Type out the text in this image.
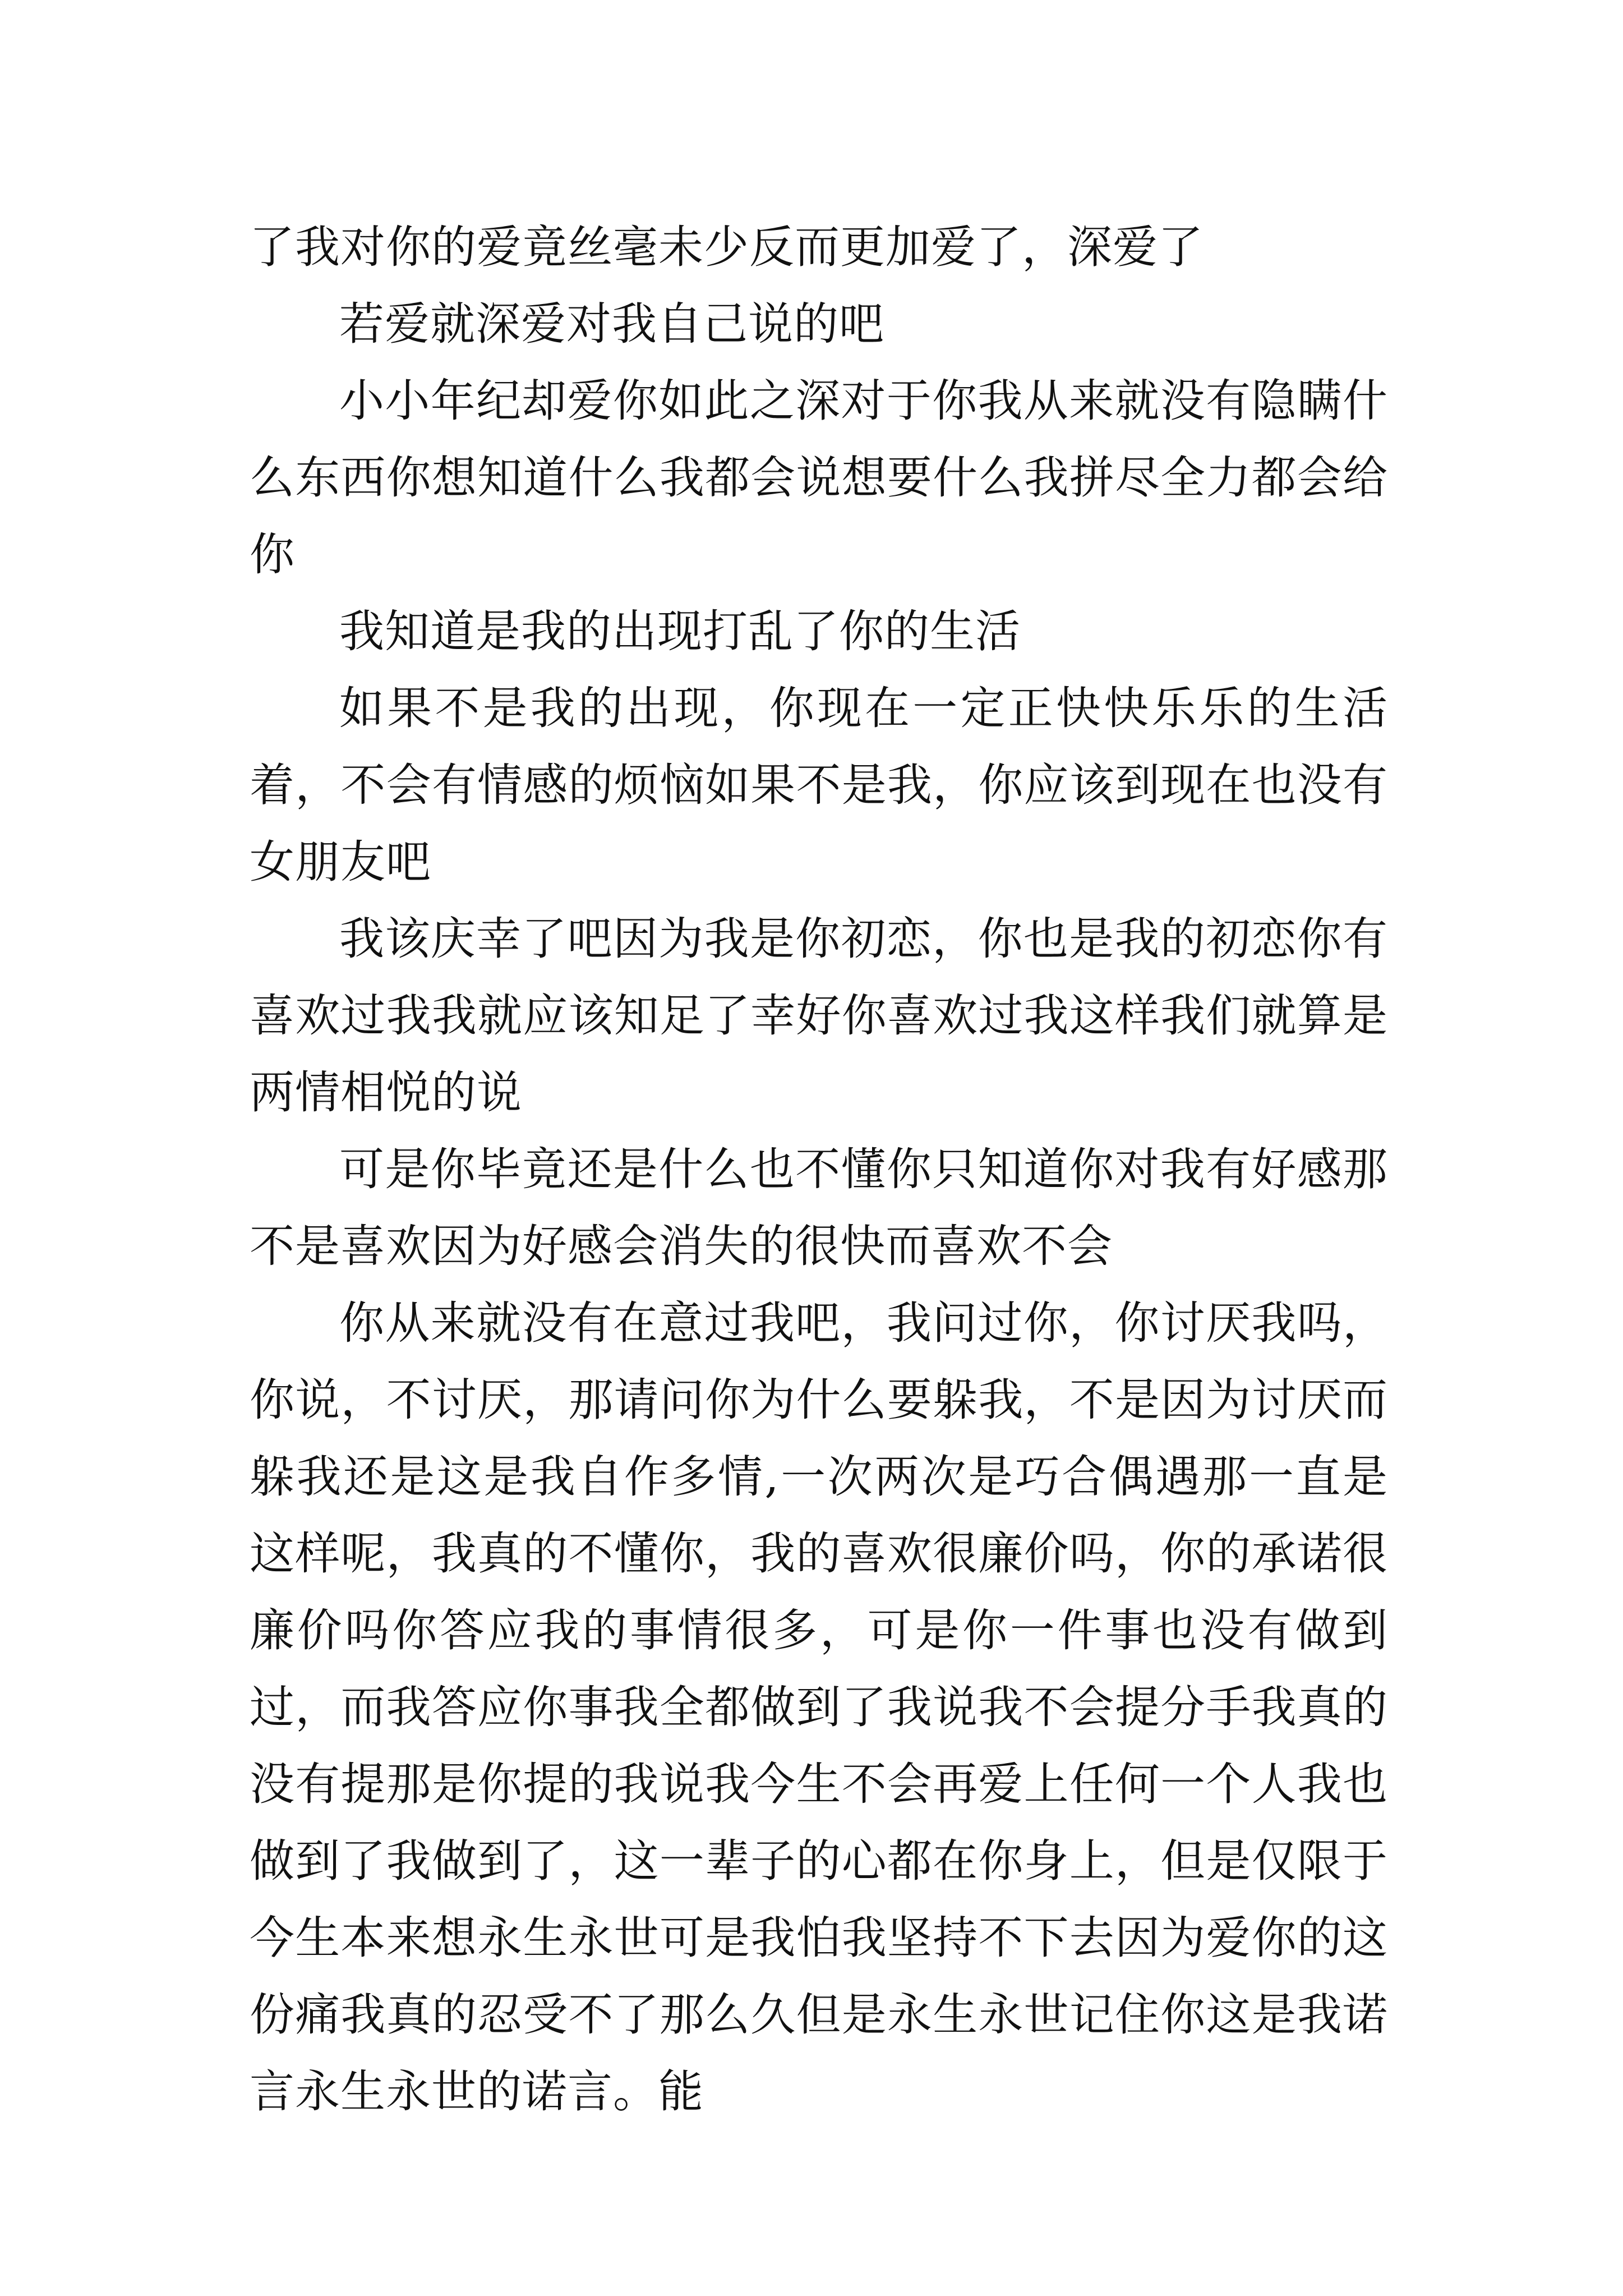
了我对你的爱竟丝毫未少反而更加爱了，深爱了

若爱就深爱对我自己说的吧

小小年纪却爱你如此之深对于你我从来就没有隐瞒什么东西你想知道什么我都会说想要什么我拼尽全力都会给你

我知道是我的出现打乱了你的生活

如果不是我的出现，你现在一定正快快乐乐的生活着，不会有情感的烦恼如果不是我，你应该到现在也没有女朋友吧

我该庆幸了吧因为我是你初恋，你也是我的初恋你有喜欢过我我就应该知足了幸好你喜欢过我这样我们就算是两情相悦的说

可是你毕竟还是什么也不懂你只知道你对我有好感那不是喜欢因为好感会消失的很快而喜欢不会

你从来就没有在意过我吧，我问过你，你讨厌我吗，你说，不讨厌，那请问你为什么要躲我，不是因为讨厌而躲我还是这是我自作多情,一次两次是巧合偶遇那一直是这样呢，我真的不懂你，我的喜欢很廉价吗，你的承诺很廉价吗你答应我的事情很多，可是你一件事也没有做到过，而我答应你事我全都做到了我说我不会提分手我真的没有提那是你提的我说我今生不会再爱上任何一个人我也做到了我做到了，这一辈子的心都在你身上，但是仅限于今生本来想永生永世可是我怕我坚持不下去因为爱你的这份痛我真的忍受不了那么久但是永生永世记住你这是我诺言永生永世的诺言。能
